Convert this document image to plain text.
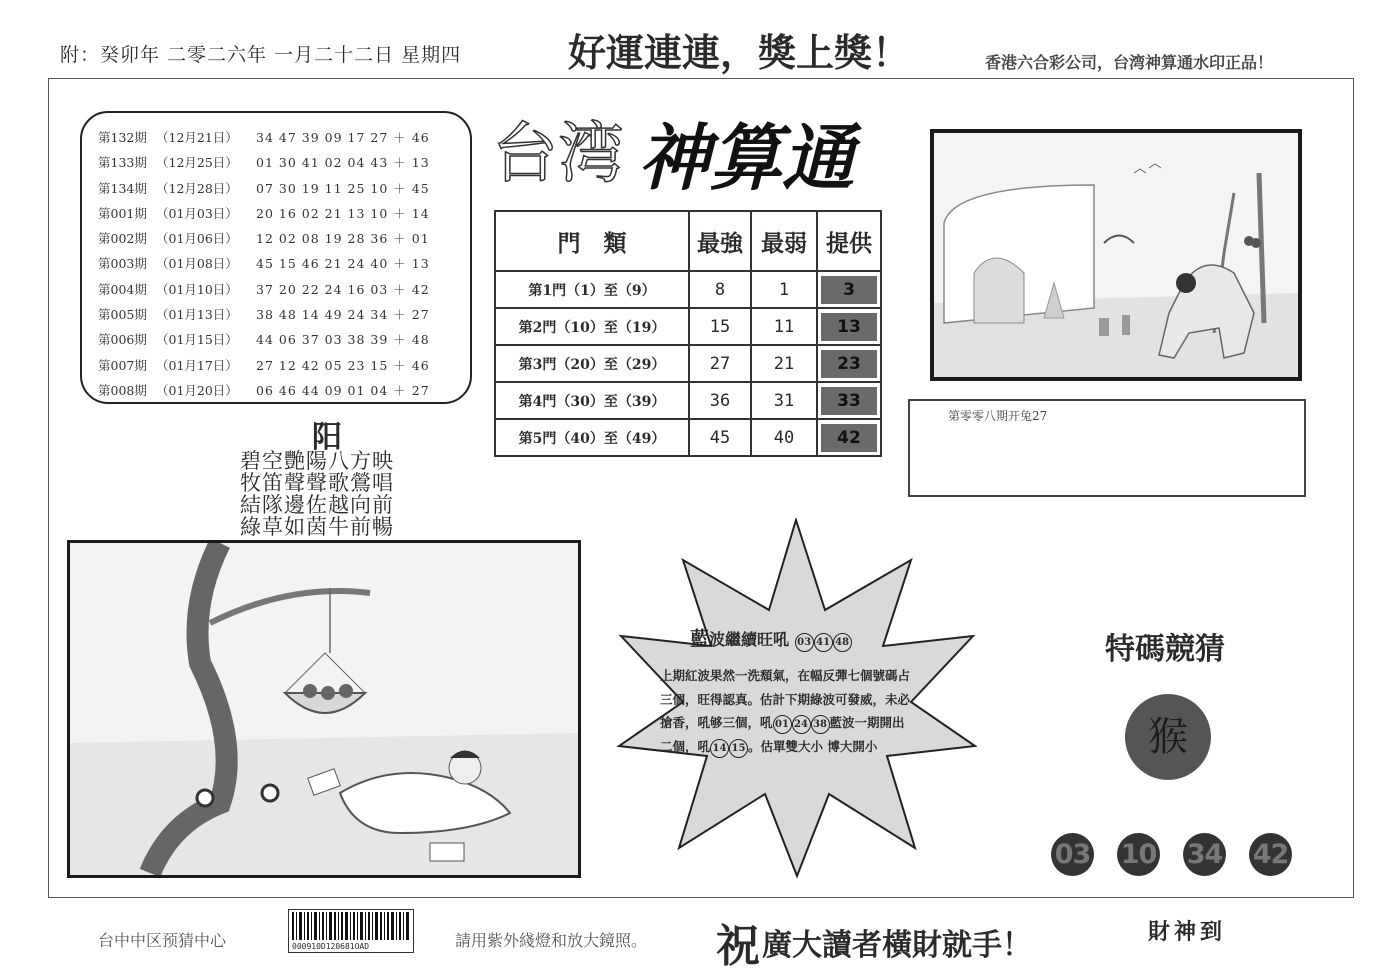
附：癸卯年 二零二六年 一月二十二日 星期四	好運連連，獎上獎！	香港六合彩公司，台湾神算通水印正品！
第132期 （12月21日）	34 47 39 09 17 27 ＋ 46
第133期 （12月25日）	01 30 41 02 04 43 ＋ 13
第134期 （12月28日）	07 30 19 11 25 10 ＋ 45
第001期 （01月03日）	20 16 02 21 13 10 ＋ 14
第002期 （01月06日）	12 02 08 19 28 36 ＋ 01
第003期 （01月08日）	45 15 46 21 24 40 ＋ 13
第004期 （01月10日）	37 20 22 24 16 03 ＋ 42
第005期 （01月13日）	38 48 14 49 24 34 ＋ 27
第006期 （01月15日）	44 06 37 03 38 39 ＋ 48
第007期 （01月17日）	27 12 42 05 23 15 ＋ 46
第008期 （01月20日）	06 46 44 09 01 04 ＋ 27
台湾 神算通
門　類	最強	最弱	提供
第1門（1）至（9）	8	1	3
第2門（10）至（19）	15	11	13
第3門（20）至（29）	27	21	23
第4門（30）至（39）	36	31	33
第5門（40）至（49）	45	40	42
第零零八期开兔27
阳
碧空艷陽八方映
牧笛聲聲歌鶯唱
結隊邊佐越向前
綠草如茵牛前暢
藍波繼續旺吼 03 41 48
上期紅波果然一洗頹氣，在幅反彈七個號碼占
三個，旺得認真。估計下期綠波可發威，未必
搶香，吼够三個，吼 01 24 38 藍波一期開出
二個，吼 14 15 。估單雙大小 博大開小
特碼競猜
猴
03 10 34 42
台中中区预猜中心	000910D120681OAD	請用紫外綫燈和放大鏡照。 祝 廣大讀者橫財就手！	財神到
